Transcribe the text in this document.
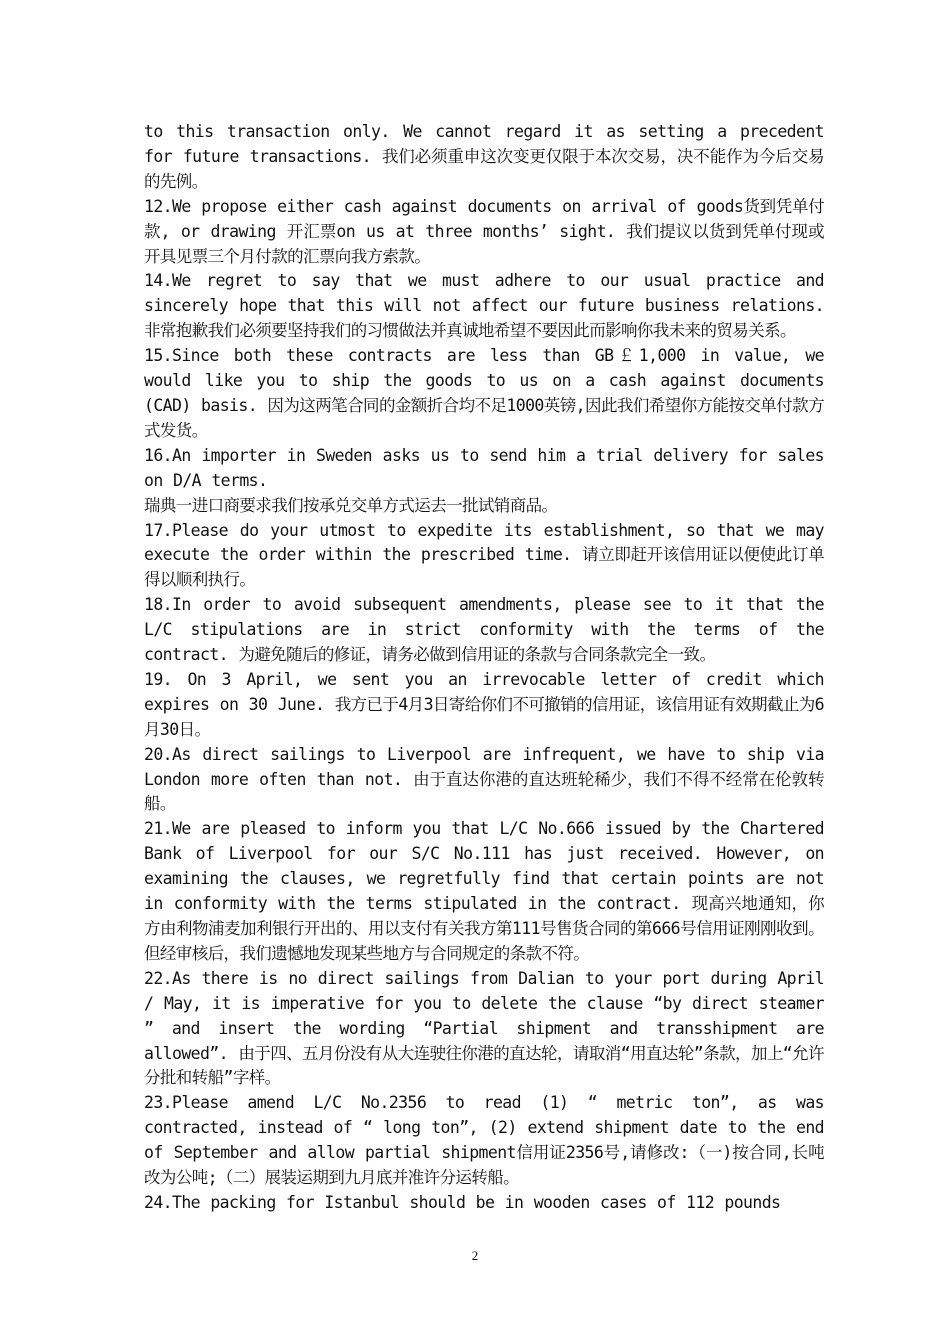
to this transaction only. We cannot regard it as setting a precedent for future transactions. 我们必须重申这次变更仅限于本次交易，决不能作为今后交易的先例。

12.We propose either cash against documents on arrival of goods货到凭单付款, or drawing 开汇票on us at three months’ sight. 我们提议以货到凭单付现或开具见票三个月付款的汇票向我方索款。

14.We regret to say that we must adhere to our usual practice and sincerely hope that this will not affect our future business relations. 非常抱歉我们必须要坚持我们的习惯做法并真诚地希望不要因此而影响你我未来的贸易关系。

15.Since both these contracts are less than GB￡1,000 in value, we would like you to ship the goods to us on a cash against documents (CAD) basis. 因为这两笔合同的金额折合均不足1000英镑,因此我们希望你方能按交单付款方式发货。

16.An importer in Sweden asks us to send him a trial delivery for sales on D/A terms.

瑞典一进口商要求我们按承兑交单方式运去一批试销商品。

17.Please do your utmost to expedite its establishment, so that we may execute the order within the prescribed time. 请立即赶开该信用证以便使此订单得以顺利执行。

18.In order to avoid subsequent amendments, please see to it that the L/C stipulations are in strict conformity with the terms of the contract. 为避免随后的修证，请务必做到信用证的条款与合同条款完全一致。

19. On 3 April, we sent you an irrevocable letter of credit which expires on 30 June. 我方已于4月3日寄给你们不可撤销的信用证，该信用证有效期截止为6月30日。

20.As direct sailings to Liverpool are infrequent, we have to ship via London more often than not. 由于直达你港的直达班轮稀少，我们不得不经常在伦敦转船。

21.We are pleased to inform you that L/C No.666 issued by the Chartered Bank of Liverpool for our S/C No.111 has just received. However, on examining the clauses, we regretfully find that certain points are not in conformity with the terms stipulated in the contract. 现高兴地通知，你方由利物浦麦加利银行开出的、用以支付有关我方第111号售货合同的第666号信用证刚刚收到。但经审核后，我们遗憾地发现某些地方与合同规定的条款不符。

22.As there is no direct sailings from Dalian to your port during April / May, it is imperative for you to delete the clause “by direct steamer ” and insert the wording “Partial shipment and transshipment are allowed”. 由于四、五月份没有从大连驶往你港的直达轮，请取消“用直达轮”条款，加上“允许分批和转船”字样。

23.Please amend L/C No.2356 to read (1) “ metric ton”, as was contracted, instead of “ long ton”, (2) extend shipment date to the end of September and allow partial shipment信用证2356号,请修改:（一)按合同,长吨改为公吨;（二）展装运期到九月底并准许分运转船。

24.The packing for Istanbul should be in wooden cases of 112 pounds

2
